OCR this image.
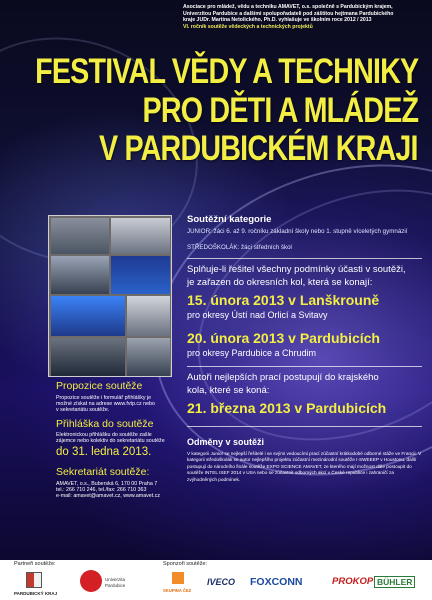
Asociace pro mládež, vědu a techniku AMAVET, o.s. společně s Pardubickým krajem,
Univerzitou Pardubice a dalšími spolupořadateli pod záštitou hejtmana Pardubického
kraje JUDr. Martina Netolického, Ph.D. vyhlašuje ve školním roce 2012 / 2013
VI. ročník soutěže vědeckých a technických projektů
FESTIVAL VĚDY A TECHNIKY
PRO DĚTI A MLÁDEŽ
V PARDUBICKÉM KRAJI
Soutěžní kategorie
JUNIOR: žáci 6. až 9. ročníku základní školy nebo 1. stupně víceletých gymnázií
STŘEDOŠKOLÁK: žáci středních škol
Splňuje-li řešitel všechny podmínky účasti v soutěži,
je zařazen do okresních kol, která se konají:
15. února 2013 v Lanškrouně
pro okresy Ústí nad Orlicí a Svitavy
20. února 2013 v Pardubicích
pro okresy Pardubice a Chrudim
Autoři nejlepších prací postupují do krajského
kola, které se koná:
21. března 2013 v Pardubicích
Propozice soutěže
Propozice soutěže i formulář přihlášky je
možné získat na adrese www.fvtp.cz nebo
v sekretariátu soutěže.
Přihláška do soutěže
Elektronickou přihlášku do soutěže zašle
zájemce nebo kolektiv do sekretariátu soutěže
do 31. ledna 2013.
Sekretariát soutěže:
AMAVET, o.s., Buberská 6, 170 00 Praha 7
tel.: 266 710 246, tel./fax: 266 710 363
e-mail: amavet@amavet.cz, www.amavet.cz
Odměny v soutěži
V kategorii Junior se nejlepší řešitelé i se svými vedoucími prací zúčastní krátkodobé odborné stáže ve Francii. V kategorii středoškolák se autor nejlepšího projektu zúčastní mezinárodní soutěže I-SWEEEP v Houstonu, další postupují do národního finále soutěže EXPO SCIENCE AMAVET, ze kterého mají možnost dále postoupit do soutěže INTEL ISEF 2014 v USA nebo se zúčastnit odborných akcí v České republice i zahraničí za zvýhodněných podmínek.
Partneři soutěže:	Sponzoři soutěže:
PARDUBICKÝ KRAJ
Univerzita
Pardubice
SKUPINA ČEZ
IVECO FOXCONN	PROKOP BÜHLER
